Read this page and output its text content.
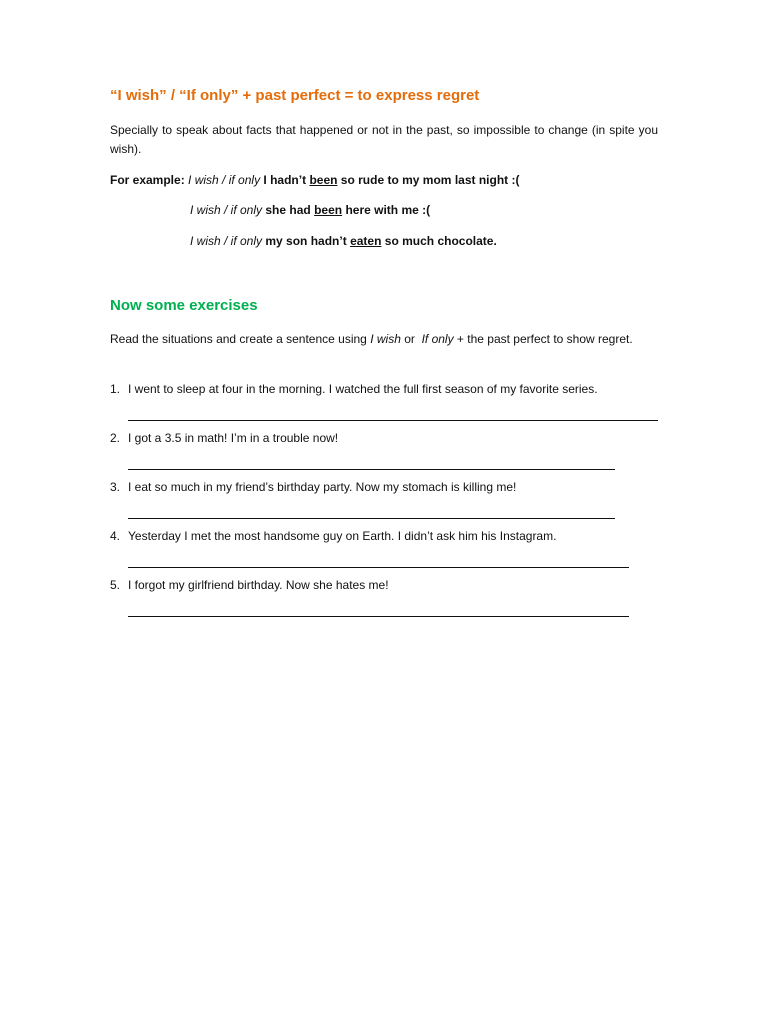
“I wish” / “If only” + past perfect = to express regret
Specially to speak about facts that happened or not in the past, so impossible to change (in spite you wish).
For example: I wish / if only I hadn’t been so rude to my mom last night :(
I wish / if only she had been here with me :(
I wish / if only my son hadn’t eaten so much chocolate.
Now some exercises
Read the situations and create a sentence using I wish or If only + the past perfect to show regret.
1. I went to sleep at four in the morning. I watched the full first season of my favorite series.
2. I got a 3.5 in math! I’m in a trouble now!
3. I eat so much in my friend’s birthday party. Now my stomach is killing me!
4. Yesterday I met the most handsome guy on Earth. I didn’t ask him his Instagram.
5. I forgot my girlfriend birthday. Now she hates me!
